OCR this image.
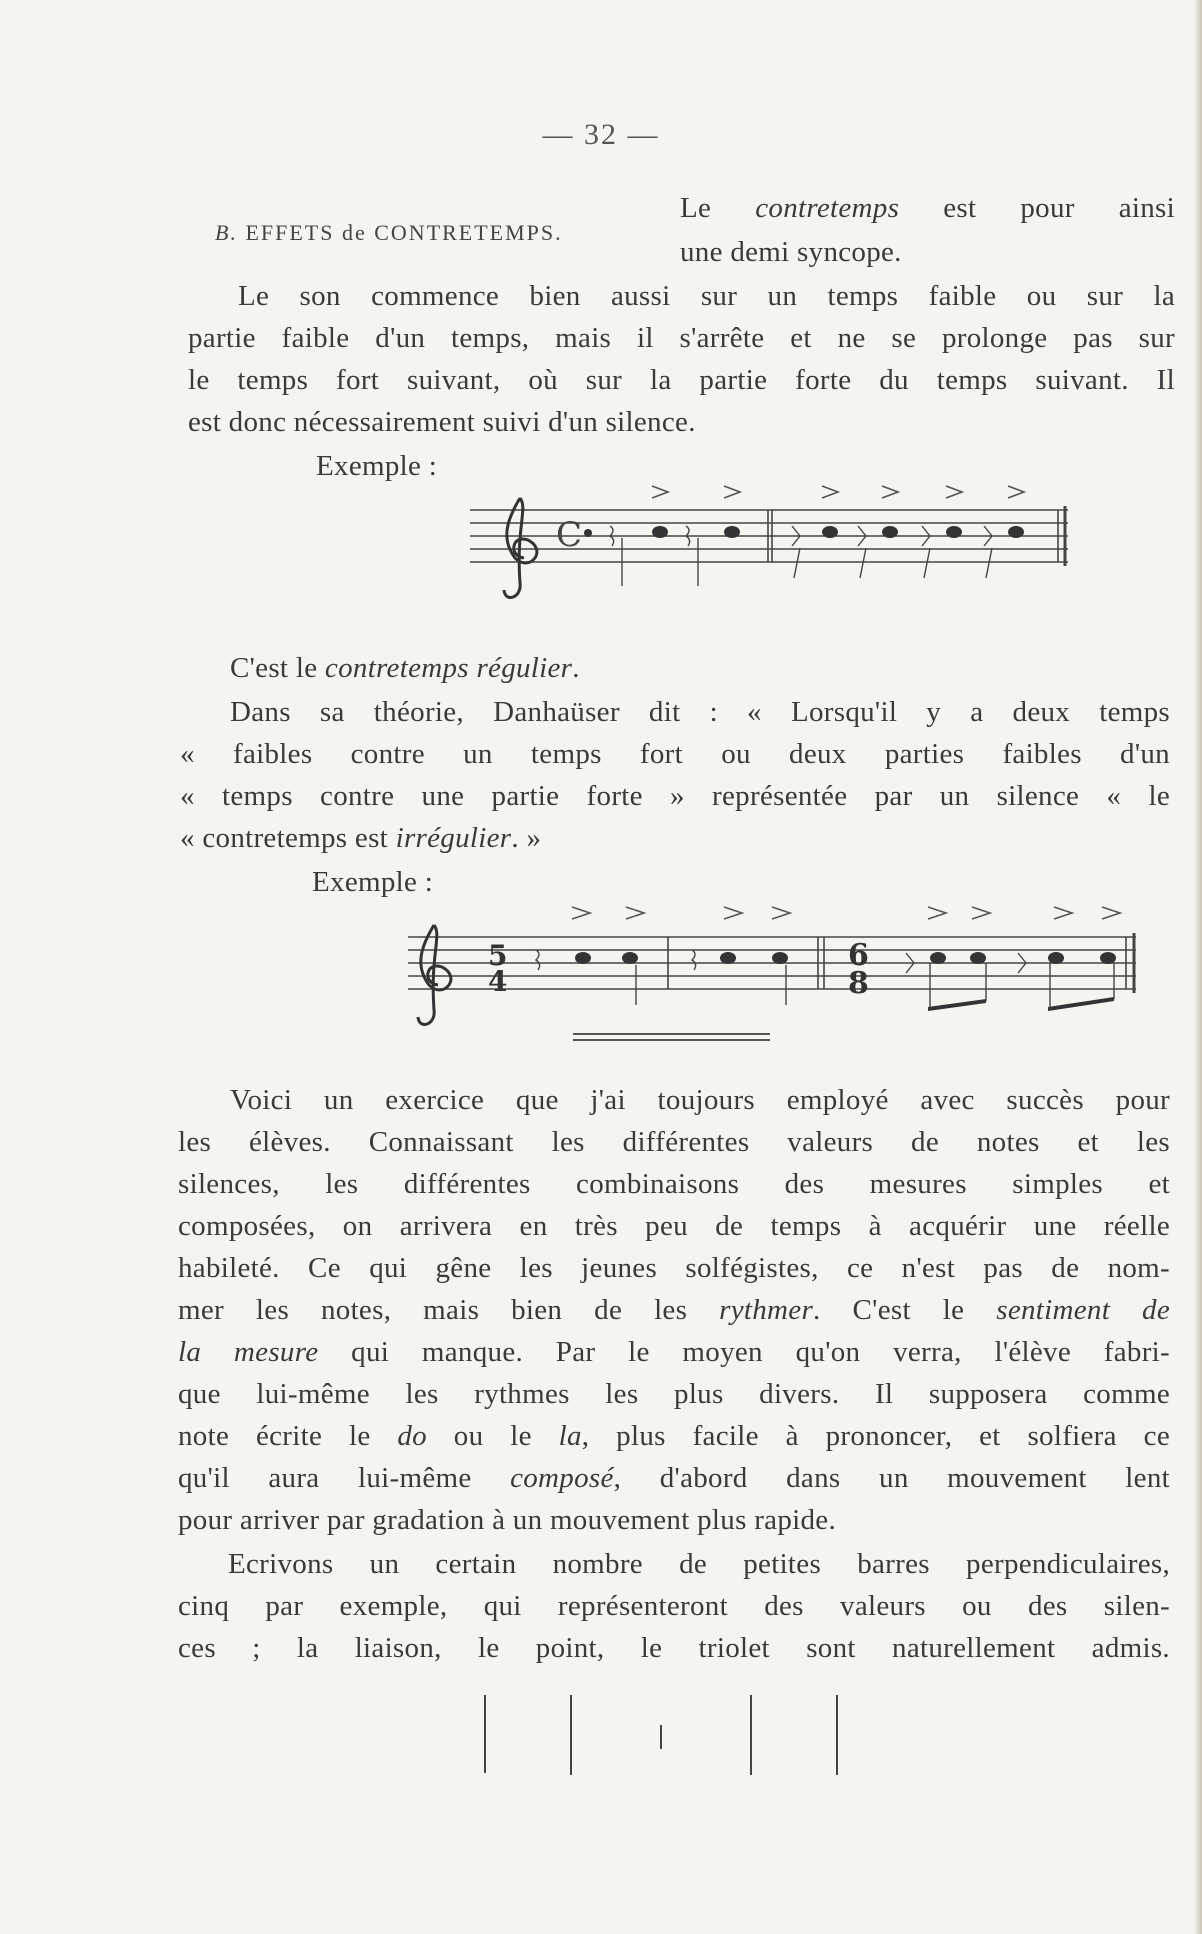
— 32 —
B. EFFETS de CONTRETEMPS.
Le contretemps est pour ainsi
une demi syncope.
Le son commence bien aussi sur un temps faible ou sur la
partie faible d'un temps, mais il s'arrête et ne se prolonge pas sur
le temps fort suivant, où sur la partie forte du temps suivant. Il
est donc nécessairement suivi d'un silence.
Exemple :
C
C'est le contretemps régulier.
Dans sa théorie, Danhaüser dit : « Lorsqu'il y a deux temps
« faibles contre un temps fort ou deux parties faibles d'un
« temps contre une partie forte » représentée par un silence « le
« contretemps est irrégulier. »
Exemple :
5
4
6
8
Voici un exercice que j'ai toujours employé avec succès pour
les élèves. Connaissant les différentes valeurs de notes et les
silences, les différentes combinaisons des mesures simples et
composées, on arrivera en très peu de temps à acquérir une réelle
habileté. Ce qui gêne les jeunes solfégistes, ce n'est pas de nom-
mer les notes, mais bien de les rythmer. C'est le sentiment de
la mesure qui manque. Par le moyen qu'on verra, l'élève fabri-
que lui-même les rythmes les plus divers. Il supposera comme
note écrite le do ou le la, plus facile à prononcer, et solfiera ce
qu'il aura lui-même composé, d'abord dans un mouvement lent
pour arriver par gradation à un mouvement plus rapide.
Ecrivons un certain nombre de petites barres perpendiculaires,
cinq par exemple, qui représenteront des valeurs ou des silen-
ces ; la liaison, le point, le triolet sont naturellement admis.
